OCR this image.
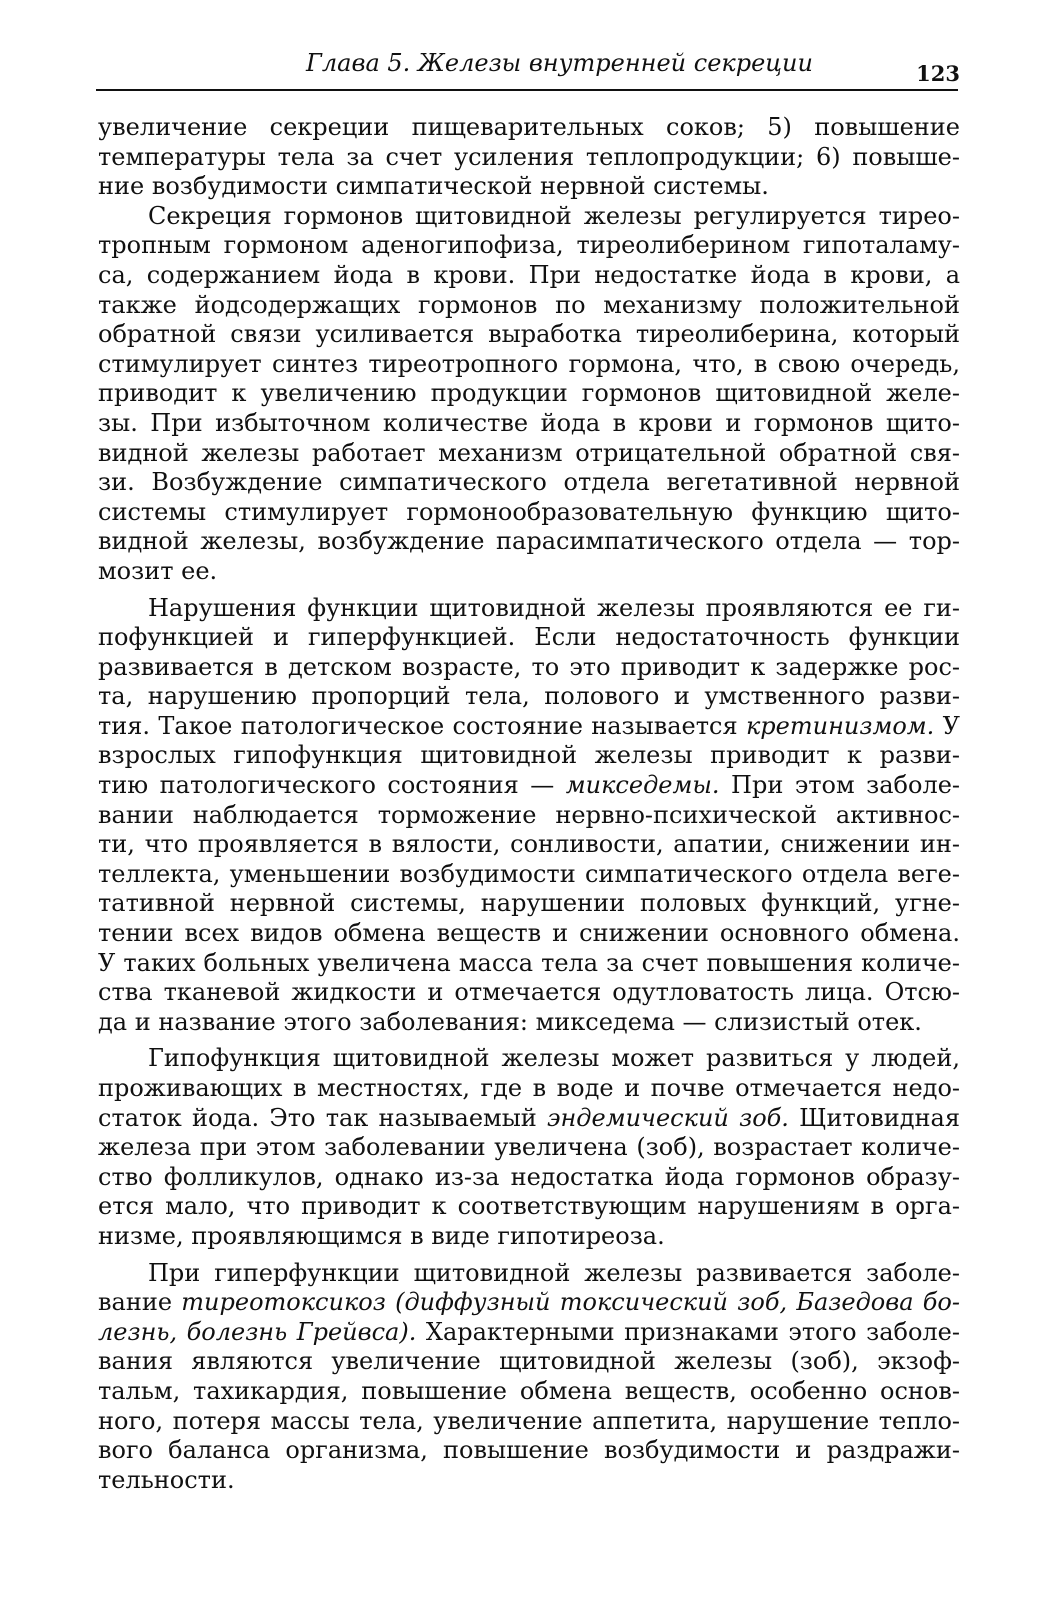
Глава 5. Железы внутренней секреции	123
увеличение секреции пищеварительных соков; 5) повышение
температуры тела за счет усиления теплопродукции; 6) повыше-
ние возбудимости симпатической нервной системы.
Секреция гормонов щитовидной железы регулируется тирео-
тропным гормоном аденогипофиза, тиреолиберином гипоталаму-
са, содержанием йода в крови. При недостатке йода в крови, а
также йодсодержащих гормонов по механизму положительной
обратной связи усиливается выработка тиреолиберина, который
стимулирует синтез тиреотропного гормона, что, в свою очередь,
приводит к увеличению продукции гормонов щитовидной желе-
зы. При избыточном количестве йода в крови и гормонов щито-
видной железы работает механизм отрицательной обратной свя-
зи. Возбуждение симпатического отдела вегетативной нервной
системы стимулирует гормонообразовательную функцию щито-
видной железы, возбуждение парасимпатического отдела — тор-
мозит ее.
Нарушения функции щитовидной железы проявляются ее ги-
пофункцией и гиперфункцией. Если недостаточность функции
развивается в детском возрасте, то это приводит к задержке рос-
та, нарушению пропорций тела, полового и умственного разви-
тия. Такое патологическое состояние называется кретинизмом. У
взрослых гипофункция щитовидной железы приводит к разви-
тию патологического состояния — микседемы. При этом заболе-
вании наблюдается торможение нервно-психической активнос-
ти, что проявляется в вялости, сонливости, апатии, снижении ин-
теллекта, уменьшении возбудимости симпатического отдела веге-
тативной нервной системы, нарушении половых функций, угне-
тении всех видов обмена веществ и снижении основного обмена.
У таких больных увеличена масса тела за счет повышения количе-
ства тканевой жидкости и отмечается одутловатость лица. Отсю-
да и название этого заболевания: микседема — слизистый отек.
Гипофункция щитовидной железы может развиться у людей,
проживающих в местностях, где в воде и почве отмечается недо-
статок йода. Это так называемый эндемический зоб. Щитовидная
железа при этом заболевании увеличена (зоб), возрастает количе-
ство фолликулов, однако из-за недостатка йода гормонов образу-
ется мало, что приводит к соответствующим нарушениям в орга-
низме, проявляющимся в виде гипотиреоза.
При гиперфункции щитовидной железы развивается заболе-
вание тиреотоксикоз (диффузный токсический зоб, Базедова бо-
лезнь, болезнь Грейвса). Характерными признаками этого заболе-
вания являются увеличение щитовидной железы (зоб), экзоф-
тальм, тахикардия, повышение обмена веществ, особенно основ-
ного, потеря массы тела, увеличение аппетита, нарушение тепло-
вого баланса организма, повышение возбудимости и раздражи-
тельности.
